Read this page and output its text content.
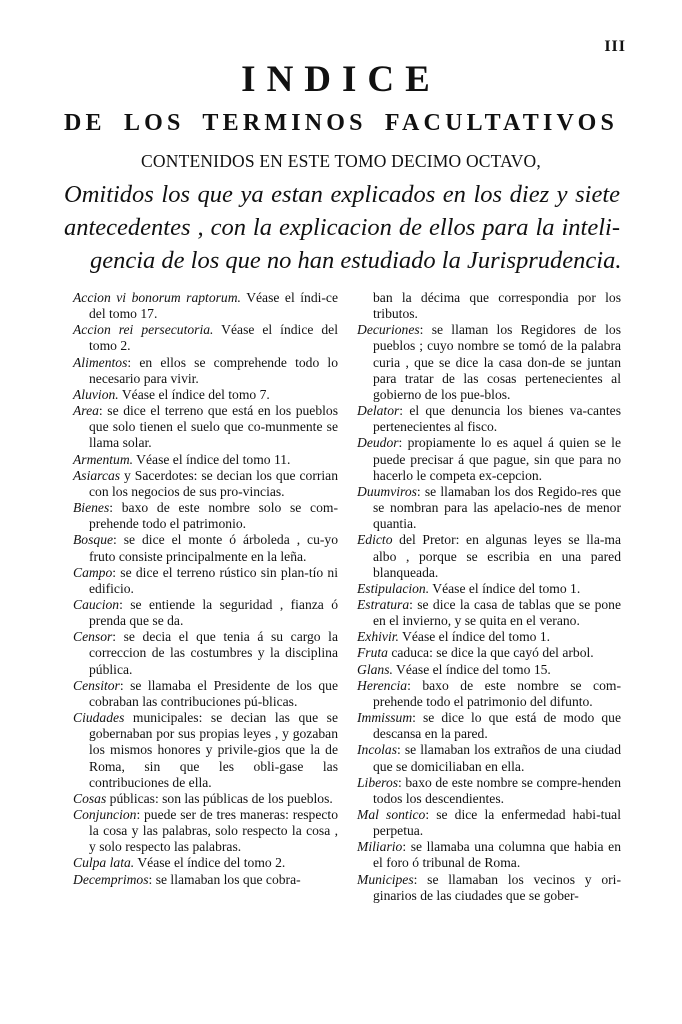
III
INDICE
DE LOS TERMINOS FACULTATIVOS
CONTENIDOS EN ESTE TOMO DECIMO OCTAVO,
Omitidos los que ya estan explicados en los diez y siete
antecedentes , con la explicacion de ellos para la inteli-
gencia de los que no han estudiado la Jurisprudencia.
Accion vi bonorum raptorum. Véase el índi-ce del tomo 17.
Accion rei persecutoria. Véase el índice del tomo 2.
Alimentos: en ellos se comprehende todo lo necesario para vivir.
Aluvion. Véase el índice del tomo 7.
Area: se dice el terreno que está en los pueblos que solo tienen el suelo que co-munmente se llama solar.
Armentum. Véase el índice del tomo 11.
Asiarcas y Sacerdotes: se decian los que corrian con los negocios de sus pro-vincias.
Bienes: baxo de este nombre solo se com-prehende todo el patrimonio.
Bosque: se dice el monte ó árboleda , cu-yo fruto consiste principalmente en la leña.
Campo: se dice el terreno rústico sin plan-tío ni edificio.
Caucion: se entiende la seguridad , fianza ó prenda que se da.
Censor: se decia el que tenia á su cargo la correccion de las costumbres y la disciplina pública.
Censitor: se llamaba el Presidente de los que cobraban las contribuciones pú-blicas.
Ciudades municipales: se decian las que se gobernaban por sus propias leyes , y gozaban los mismos honores y privile-gios que la de Roma, sin que les obli-gase las contribuciones de ella.
Cosas públicas: son las públicas de los pueblos.
Conjuncion: puede ser de tres maneras: respecto la cosa y las palabras, solo respecto la cosa , y solo respecto las palabras.
Culpa lata. Véase el índice del tomo 2.
Decemprimos: se llamaban los que cobra-
ban la décima que correspondia por los tributos.
Decuriones: se llaman los Regidores de los pueblos ; cuyo nombre se tomó de la palabra curia , que se dice la casa don-de se juntan para tratar de las cosas pertenecientes al gobierno de los pue-blos.
Delator: el que denuncia los bienes va-cantes pertenecientes al fisco.
Deudor: propiamente lo es aquel á quien se le puede precisar á que pague, sin que para no hacerlo le competa ex-cepcion.
Duumviros: se llamaban los dos Regido-res que se nombran para las apelacio-nes de menor quantia.
Edicto del Pretor: en algunas leyes se lla-ma albo , porque se escribia en una pared blanqueada.
Estipulacion. Véase el índice del tomo 1.
Estratura: se dice la casa de tablas que se pone en el invierno, y se quita en el verano.
Exhivir. Véase el índice del tomo 1.
Fruta caduca: se dice la que cayó del arbol.
Glans. Véase el índice del tomo 15.
Herencia: baxo de este nombre se com-prehende todo el patrimonio del difunto.
Immissum: se dice lo que está de modo que descansa en la pared.
Incolas: se llamaban los extraños de una ciudad que se domiciliaban en ella.
Liberos: baxo de este nombre se compre-henden todos los descendientes.
Mal sontico: se dice la enfermedad habi-tual perpetua.
Miliario: se llamaba una columna que habia en el foro ó tribunal de Roma.
Municipes: se llamaban los vecinos y ori-ginarios de las ciudades que se gober-
